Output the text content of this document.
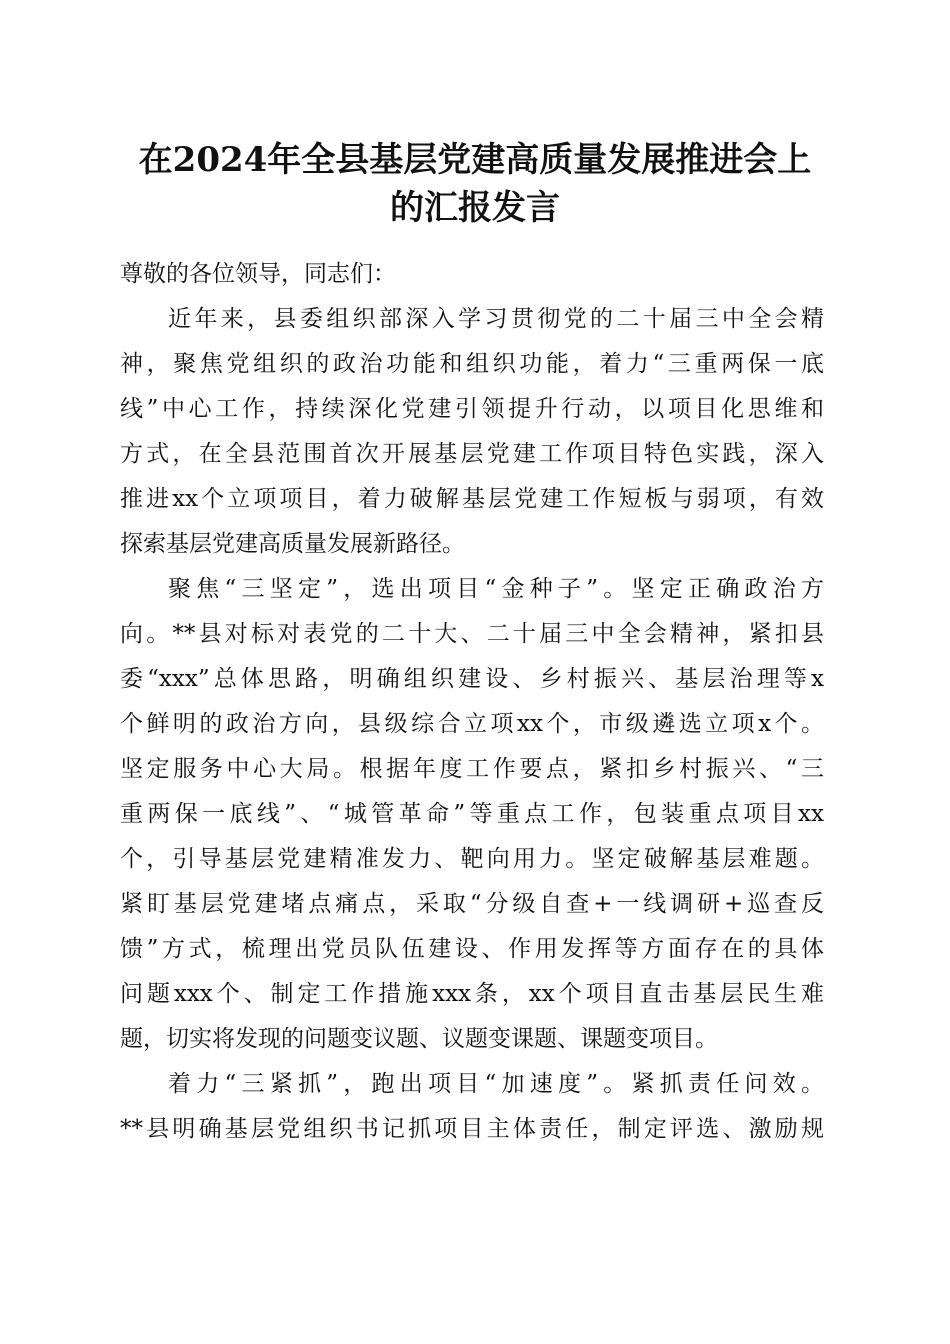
在2024年全县基层党建高质量发展推进会上
的汇报发言
尊敬的各位领导，同志们：
近年来，县委组织部深入学习贯彻党的二十届三中全会精
神，聚焦党组织的政治功能和组织功能，着力“三重两保一底
线”中心工作，持续深化党建引领提升行动，以项目化思维和
方式，在全县范围首次开展基层党建工作项目特色实践，深入
推进xx个立项项目，着力破解基层党建工作短板与弱项，有效
探索基层党建高质量发展新路径。
聚焦“三坚定”，选出项目“金种子”。坚定正确政治方
向。**县对标对表党的二十大、二十届三中全会精神，紧扣县
委“xxx”总体思路，明确组织建设、乡村振兴、基层治理等x
个鲜明的政治方向，县级综合立项xx个，市级遴选立项x个。
坚定服务中心大局。根据年度工作要点，紧扣乡村振兴、“三
重两保一底线”、“城管革命”等重点工作，包装重点项目xx
个，引导基层党建精准发力、靶向用力。坚定破解基层难题。
紧盯基层党建堵点痛点，采取“分级自查+一线调研+巡查反
馈”方式，梳理出党员队伍建设、作用发挥等方面存在的具体
问题xxx个、制定工作措施xxx条，xx个项目直击基层民生难
题，切实将发现的问题变议题、议题变课题、课题变项目。
着力“三紧抓”，跑出项目“加速度”。紧抓责任问效。
**县明确基层党组织书记抓项目主体责任，制定评选、激励规
